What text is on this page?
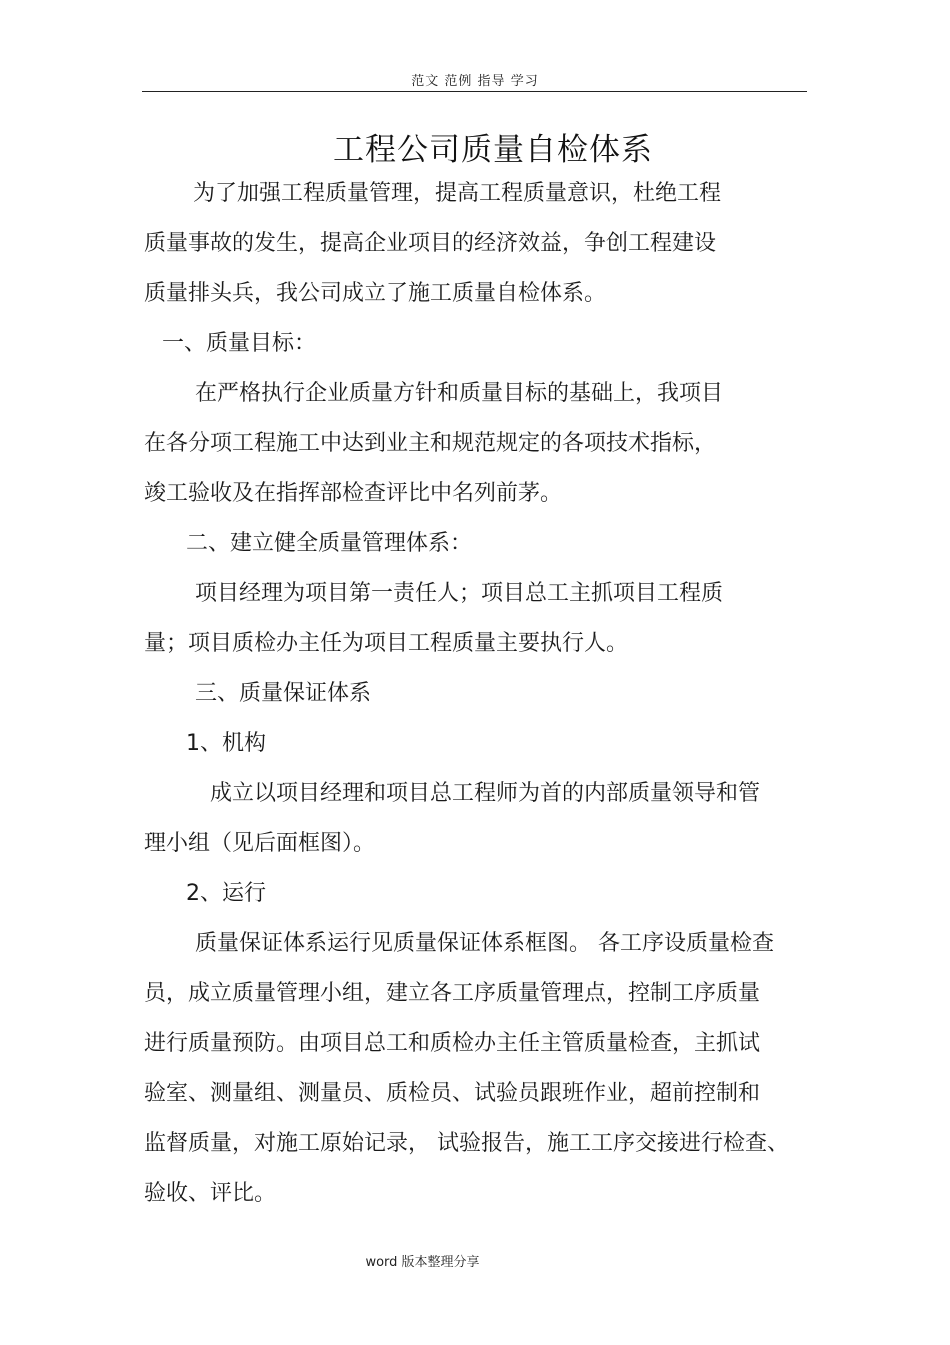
范文 范例 指导 学习
工程公司质量自检体系
为了加强工程质量管理，提高工程质量意识，杜绝工程
质量事故的发生，提高企业项目的经济效益，争创工程建设
质量排头兵，我公司成立了施工质量自检体系。
一、质量目标：
在严格执行企业质量方针和质量目标的基础上，我项目
在各分项工程施工中达到业主和规范规定的各项技术指标，
竣工验收及在指挥部检查评比中名列前茅。
二、建立健全质量管理体系：
项目经理为项目第一责任人；项目总工主抓项目工程质
量；项目质检办主任为项目工程质量主要执行人。
三、质量保证体系
1、机构
成立以项目经理和项目总工程师为首的内部质量领导和管
理小组（见后面框图）。
2、运行
质量保证体系运行见质量保证体系框图。 各工序设质量检查
员，成立质量管理小组，建立各工序质量管理点，控制工序质量
进行质量预防。由项目总工和质检办主任主管质量检查，主抓试
验室、测量组、测量员、质检员、试验员跟班作业，超前控制和
监督质量，对施工原始记录， 试验报告，施工工序交接进行检查、
验收、评比。
word 版本整理分享
